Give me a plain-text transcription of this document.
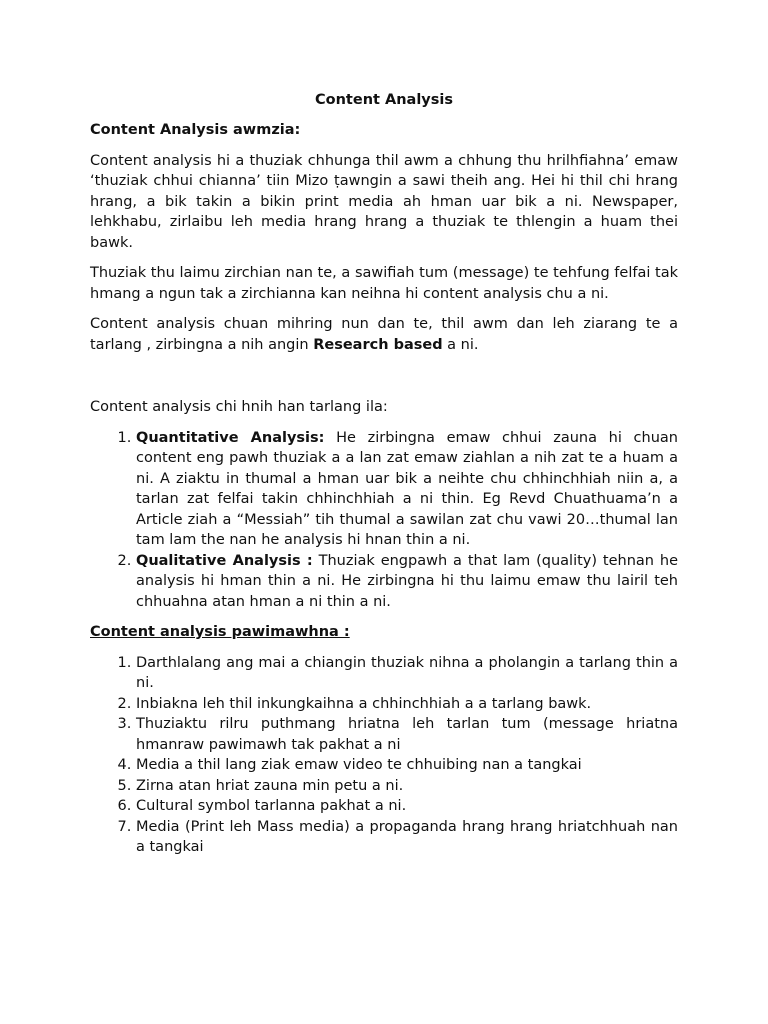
Content Analysis
Content Analysis awmzia:

Content analysis hi a thuziak chhunga thil awm a chhung thu hrilhfiahna’ emaw ‘thuziak chhui chianna’ tiin Mizo ṭawngin a sawi theih ang. Hei hi thil chi hrang hrang, a bik takin a bikin print media ah hman uar bik a ni. Newspaper, lehkhabu, zirlaibu leh media hrang hrang a thuziak te thlengin a huam thei bawk.

Thuziak thu laimu zirchian nan te, a sawifiah tum (message) te tehfung felfai tak hmang a ngun tak a zirchianna kan neihna hi content analysis chu a ni.

Content analysis chuan mihring nun dan te, thil awm dan leh ziarang te a tarlang , zirbingna a nih angin Research based a ni.

Content analysis chi hnih han tarlang ila:

1. Quantitative Analysis: He zirbingna emaw chhui zauna hi chuan content eng pawh thuziak a a lan zat emaw ziahlan a nih zat te a huam a ni. A ziaktu in thumal a hman uar bik a neihte chu chhinchhiah niin a, a tarlan zat felfai takin chhinchhiah a ni thin. Eg Revd Chuathuama’n a Article ziah a “Messiah” tih thumal a sawilan zat chu vawi 20…thumal lan tam lam the nan he analysis hi hnan thin a ni.
2. Qualitative Analysis : Thuziak engpawh a that lam (quality) tehnan he analysis hi hman thin a ni. He zirbingna hi thu laimu emaw thu lairil teh chhuahna atan hman a ni thin a ni.
Content analysis pawimawhna :
1. Darthlalang ang mai a chiangin thuziak nihna a pholangin a tarlang thin a ni.
2. Inbiakna leh thil inkungkaihna a chhinchhiah a a tarlang bawk.
3. Thuziaktu rilru puthmang hriatna leh tarlan tum (message hriatna hmanraw pawimawh tak pakhat a ni
4. Media a thil lang ziak emaw video te chhuibing nan a tangkai
5. Zirna atan hriat zauna min petu a ni.
6. Cultural symbol tarlanna pakhat a ni.
7. Media (Print leh Mass media) a propaganda hrang hrang hriatchhuah nan a tangkai
